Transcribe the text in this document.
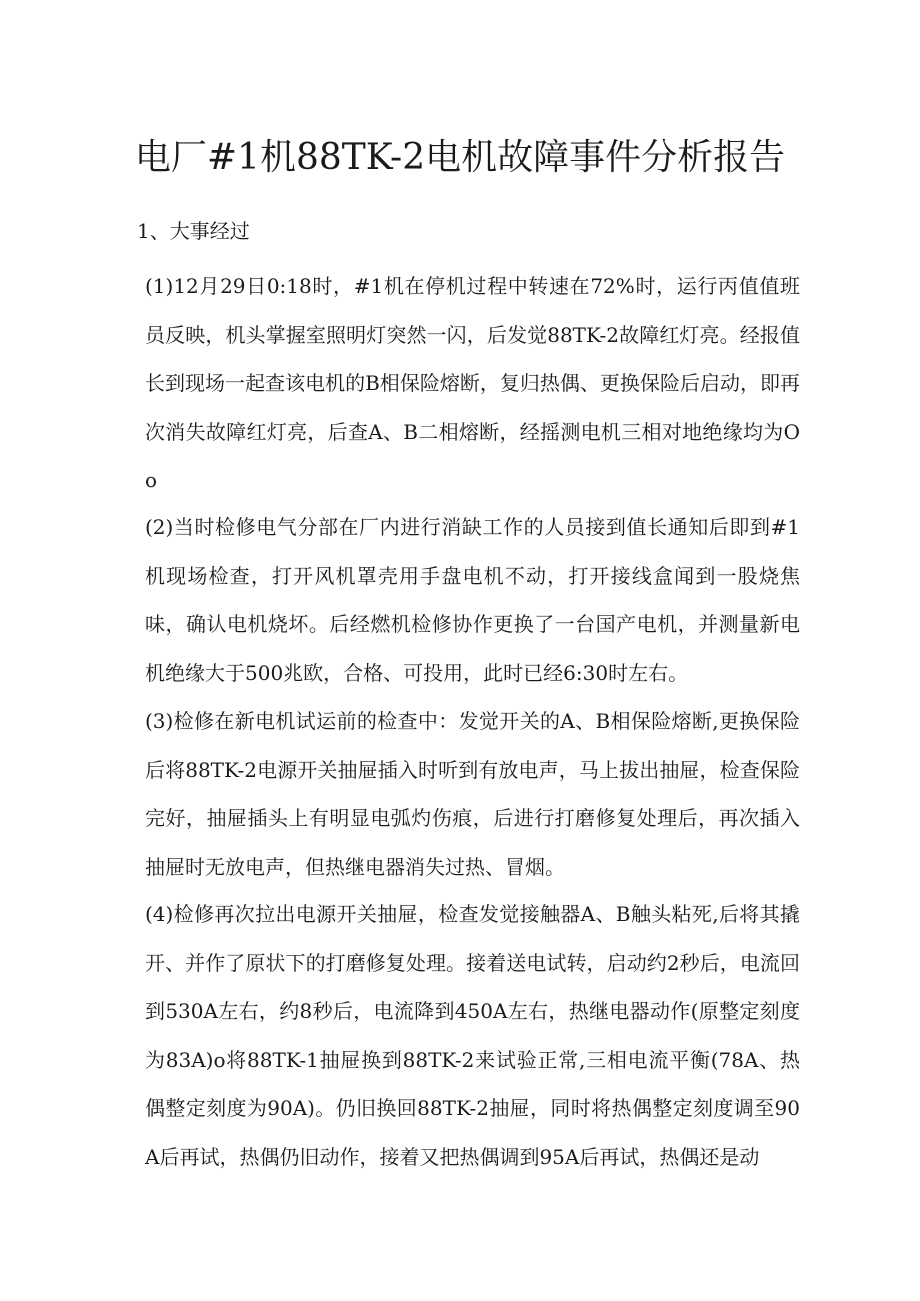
电厂#1机88TK-2电机故障事件分析报告

1、大事经过

(1)12月29日0:18时，#1机在停机过程中转速在72%时，运行丙值值班员反映，机头掌握室照明灯突然一闪，后发觉88TK-2故障红灯亮。经报值长到现场一起查该电机的B相保险熔断，复归热偶、更换保险后启动，即再次消失故障红灯亮，后查A、B二相熔断，经摇测电机三相对地绝缘均为Oo

(2)当时检修电气分部在厂内进行消缺工作的人员接到值长通知后即到#1机现场检查，打开风机罩壳用手盘电机不动，打开接线盒闻到一股烧焦味，确认电机烧坏。后经燃机检修协作更换了一台国产电机，并测量新电机绝缘大于500兆欧，合格、可投用，此时已经6:30时左右。

(3)检修在新电机试运前的检查中：发觉开关的A、B相保险熔断,更换保险后将88TK-2电源开关抽屉插入时听到有放电声，马上拔出抽屉，检查保险完好，抽屉插头上有明显电弧灼伤痕，后进行打磨修复处理后，再次插入抽屉时无放电声，但热继电器消失过热、冒烟。

(4)检修再次拉出电源开关抽屉，检查发觉接触器A、B触头粘死,后将其撬开、并作了原状下的打磨修复处理。接着送电试转，启动约2秒后，电流回到530A左右，约8秒后，电流降到450A左右，热继电器动作(原整定刻度为83A)o将88TK-1抽屉换到88TK-2来试验正常,三相电流平衡(78A、热偶整定刻度为90A)。仍旧换回88TK-2抽屉，同时将热偶整定刻度调至90A后再试，热偶仍旧动作，接着又把热偶调到95A后再试，热偶还是动
